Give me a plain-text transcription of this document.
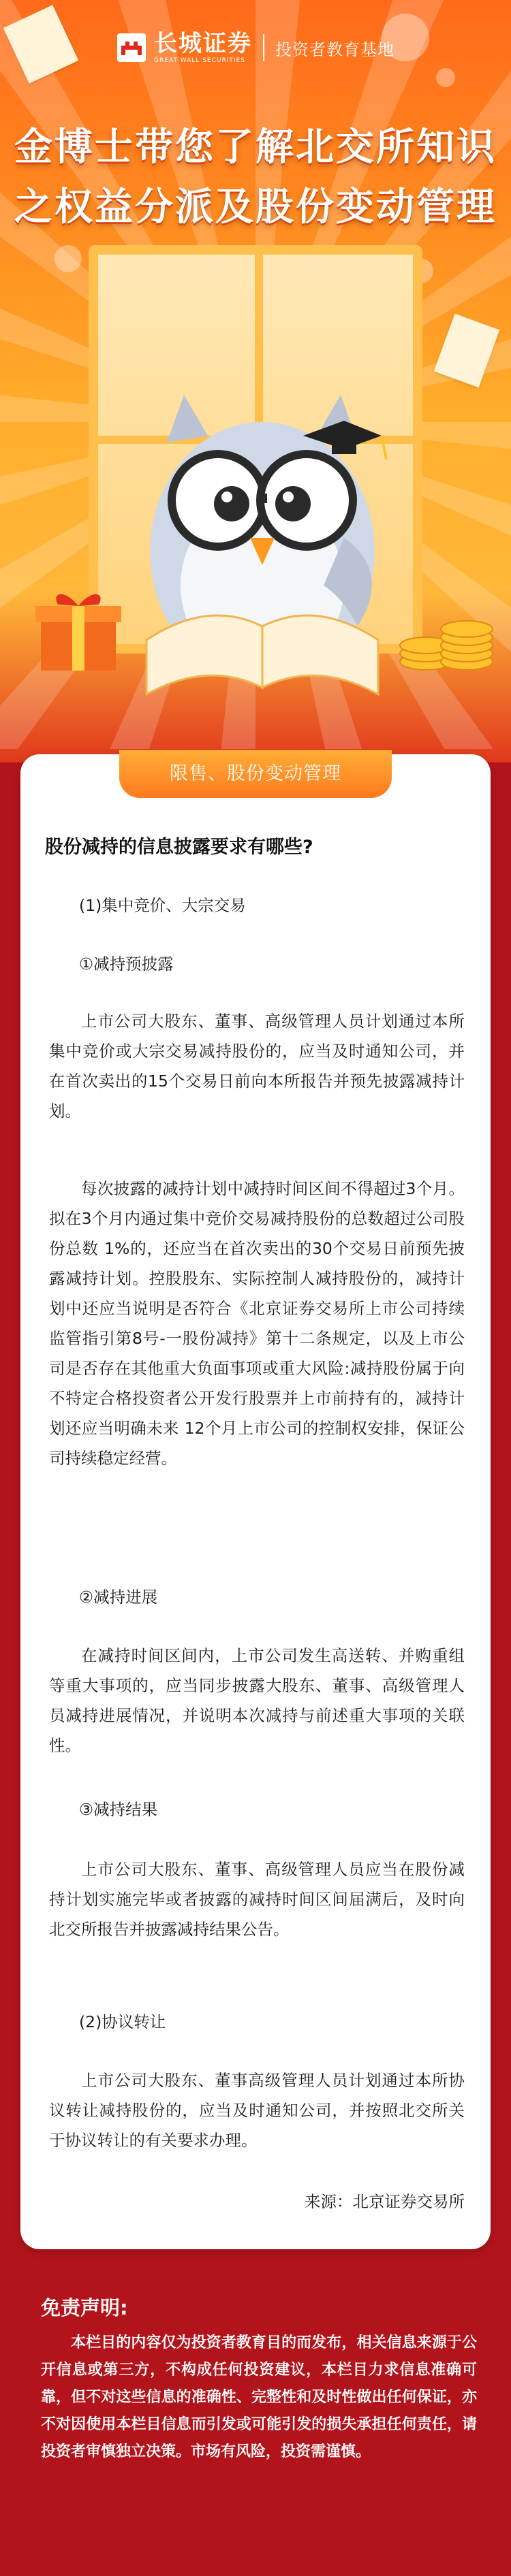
长城证券
GREAT WALL SECURITIES
投资者教育基地
金博士带您了解北交所知识
之权益分派及股份变动管理
限售、股份变动管理
股份减持的信息披露要求有哪些?

(1)集中竞价、大宗交易

①减持预披露

上市公司大股东、董事、高级管理人员计划通过本所集中竞价或大宗交易减持股份的，应当及时通知公司，并在首次卖出的15个交易日前向本所报告并预先披露减持计划。

每次披露的减持计划中减持时间区间不得超过3个月。拟在3个月内通过集中竞价交易减持股份的总数超过公司股份总数 1%的，还应当在首次卖出的30个交易日前预先披露减持计划。控股股东、实际控制人减持股份的，减持计划中还应当说明是否符合《北京证券交易所上市公司持续监管指引第8号-一股份减持》第十二条规定，以及上市公司是否存在其他重大负面事项或重大风险:减持股份属于向不特定合格投资者公开发行股票并上市前持有的，减持计划还应当明确未来 12个月上市公司的控制权安排，保证公司持续稳定经营。

②减持进展

在减持时间区间内，上市公司发生高送转、并购重组等重大事项的，应当同步披露大股东、董事、高级管理人员减持进展情况，并说明本次减持与前述重大事项的关联性。

③减持结果

上市公司大股东、董事、高级管理人员应当在股份减持计划实施完毕或者披露的减持时间区间届满后，及时向北交所报告并披露减持结果公告。

(2)协议转让

上市公司大股东、董事高级管理人员计划通过本所协议转让减持股份的，应当及时通知公司，并按照北交所关于协议转让的有关要求办理。

来源：北京证券交易所

免责声明:

本栏目的内容仅为投资者教育目的而发布，相关信息来源于公开信息或第三方，不构成任何投资建议，本栏目力求信息准确可靠，但不对这些信息的准确性、完整性和及时性做出任何保证，亦不对因使用本栏目信息而引发或可能引发的损失承担任何责任，请投资者审慎独立决策。市场有风险，投资需谨慎。
